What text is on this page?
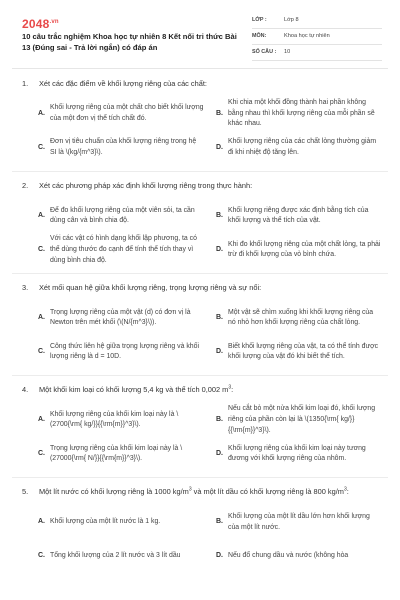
$2048^{.vn}$
10 câu trắc nghiệm Khoa học tự nhiên 8 Kết nối tri thức Bài 13 (Đúng sai - Trả lời ngắn) có đáp án
LỚP :	Lớp 8
MÔN:	Khoa học tự nhiên
SỐ CÂU :	10
1.	Xét các đặc điểm về khối lượng riêng của các chất:
A.
Khối lượng riêng của một chất cho biết khối lượng của một đơn vị thể tích chất đó.
B.
Khi chia một khối đồng thành hai phần không bằng nhau thì khối lượng riêng của mỗi phần sẽ khác nhau.
C.
Đơn vị tiêu chuẩn của khối lượng riêng trong hệ SI là \(kg/{m^3}\).
D.
Khối lượng riêng của các chất lỏng thường giảm đi khi nhiệt độ tăng lên.
2.	Xét các phương pháp xác định khối lượng riêng trong thực hành:
A.
Để đo khối lượng riêng của một viên sỏi, ta cần dùng cân và bình chia độ.
B.
Khối lượng riêng được xác định bằng tích của khối lượng và thể tích của vật.
C.
Với các vật có hình dạng khối lập phương, ta có thể dùng thước đo cạnh để tính thể tích thay vì dùng bình chia độ.
D.
Khi đo khối lượng riêng của một chất lỏng, ta phải trừ đi khối lượng của vỏ bình chứa.
3.	Xét mối quan hệ giữa khối lượng riêng, trọng lượng riêng và sự nổi:
A.
Trọng lượng riêng của một vật (d) có đơn vị là Newton trên mét khối (\(N/{m^3}\)).
B.
Một vật sẽ chìm xuống khi khối lượng riêng của nó nhỏ hơn khối lượng riêng của chất lỏng.
C.
Công thức liên hệ giữa trọng lượng riêng và khối lượng riêng là d = 10D.
D.
Biết khối lượng riêng của vật, ta có thể tính được khối lượng của vật đó khi biết thể tích.
4.	Một khối kim loại có khối lượng 5,4 kg và thể tích 0,002 $m^3$:
A.
Khối lượng riêng của khối kim loại này là \(2700{\rm{ kg/}}{{\rm{m}}^3}\).
B.
Nếu cắt bỏ một nửa khối kim loại đó, khối lượng riêng của phần còn lại là \(1350{\rm{ kg/}}{{\rm{m}}^3}\).
C.
Trọng lượng riêng của khối kim loại này là \(27000{\rm{ N/}}{{\rm{m}}^3}\).
D.
Khối lượng riêng của khối kim loại này tương đương với khối lượng riêng của nhôm.
5.	Một lít nước có khối lượng riêng là 1000 $kg/m^3$ và một lít dầu có khối lượng riêng là 800 $kg/m^3$:
A. Khối lượng của một lít nước là 1 kg.	B.
Khối lượng của một lít dầu lớn hơn khối lượng của một lít nước.
C. Tổng khối lượng của 2 lít nước và 3 lít dầu	D. Nếu đổ chung dầu và nước (không hòa
